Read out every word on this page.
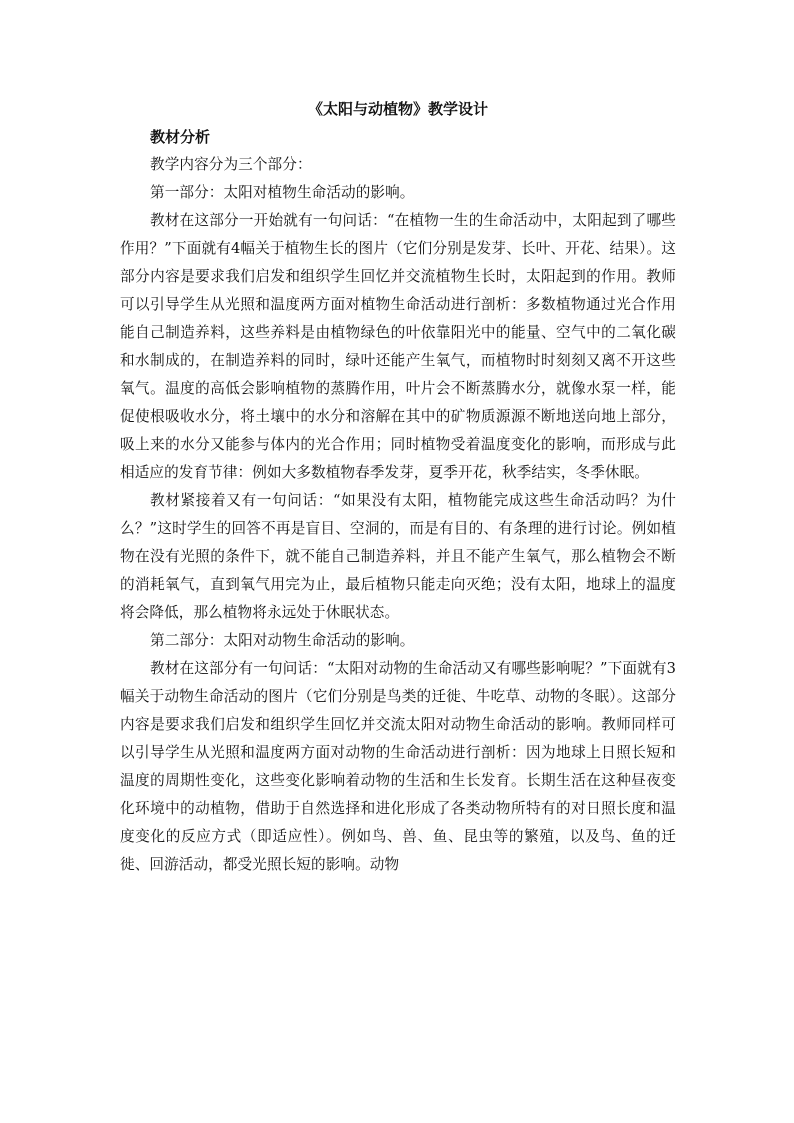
《太阳与动植物》教学设计
教材分析

教学内容分为三个部分：

第一部分：太阳对植物生命活动的影响。

教材在这部分一开始就有一句问话：“在植物一生的生命活动中，太阳起到了哪些作用？”下面就有4幅关于植物生长的图片（它们分别是发芽、长叶、开花、结果）。这部分内容是要求我们启发和组织学生回忆并交流植物生长时，太阳起到的作用。教师可以引导学生从光照和温度两方面对植物生命活动进行剖析：多数植物通过光合作用能自己制造养料，这些养料是由植物绿色的叶依靠阳光中的能量、空气中的二氧化碳和水制成的，在制造养料的同时，绿叶还能产生氧气，而植物时时刻刻又离不开这些氧气。温度的高低会影响植物的蒸腾作用，叶片会不断蒸腾水分，就像水泵一样，能促使根吸收水分，将土壤中的水分和溶解在其中的矿物质源源不断地送向地上部分，吸上来的水分又能参与体内的光合作用；同时植物受着温度变化的影响，而形成与此相适应的发育节律：例如大多数植物春季发芽，夏季开花，秋季结实，冬季休眠。

教材紧接着又有一句问话：“如果没有太阳，植物能完成这些生命活动吗？为什么？”这时学生的回答不再是盲目、空洞的，而是有目的、有条理的进行讨论。例如植物在没有光照的条件下，就不能自己制造养料，并且不能产生氧气，那么植物会不断的消耗氧气，直到氧气用完为止，最后植物只能走向灭绝；没有太阳，地球上的温度将会降低，那么植物将永远处于休眠状态。

第二部分：太阳对动物生命活动的影响。

教材在这部分有一句问话：“太阳对动物的生命活动又有哪些影响呢？”下面就有3幅关于动物生命活动的图片（它们分别是鸟类的迁徙、牛吃草、动物的冬眠）。这部分内容是要求我们启发和组织学生回忆并交流太阳对动物生命活动的影响。教师同样可以引导学生从光照和温度两方面对动物的生命活动进行剖析：因为地球上日照长短和温度的周期性变化，这些变化影响着动物的生活和生长发育。长期生活在这种昼夜变化环境中的动植物，借助于自然选择和进化形成了各类动物所特有的对日照长度和温度变化的反应方式（即适应性）。例如鸟、兽、鱼、昆虫等的繁殖，以及鸟、鱼的迁徙、回游活动，都受光照长短的影响。动物
